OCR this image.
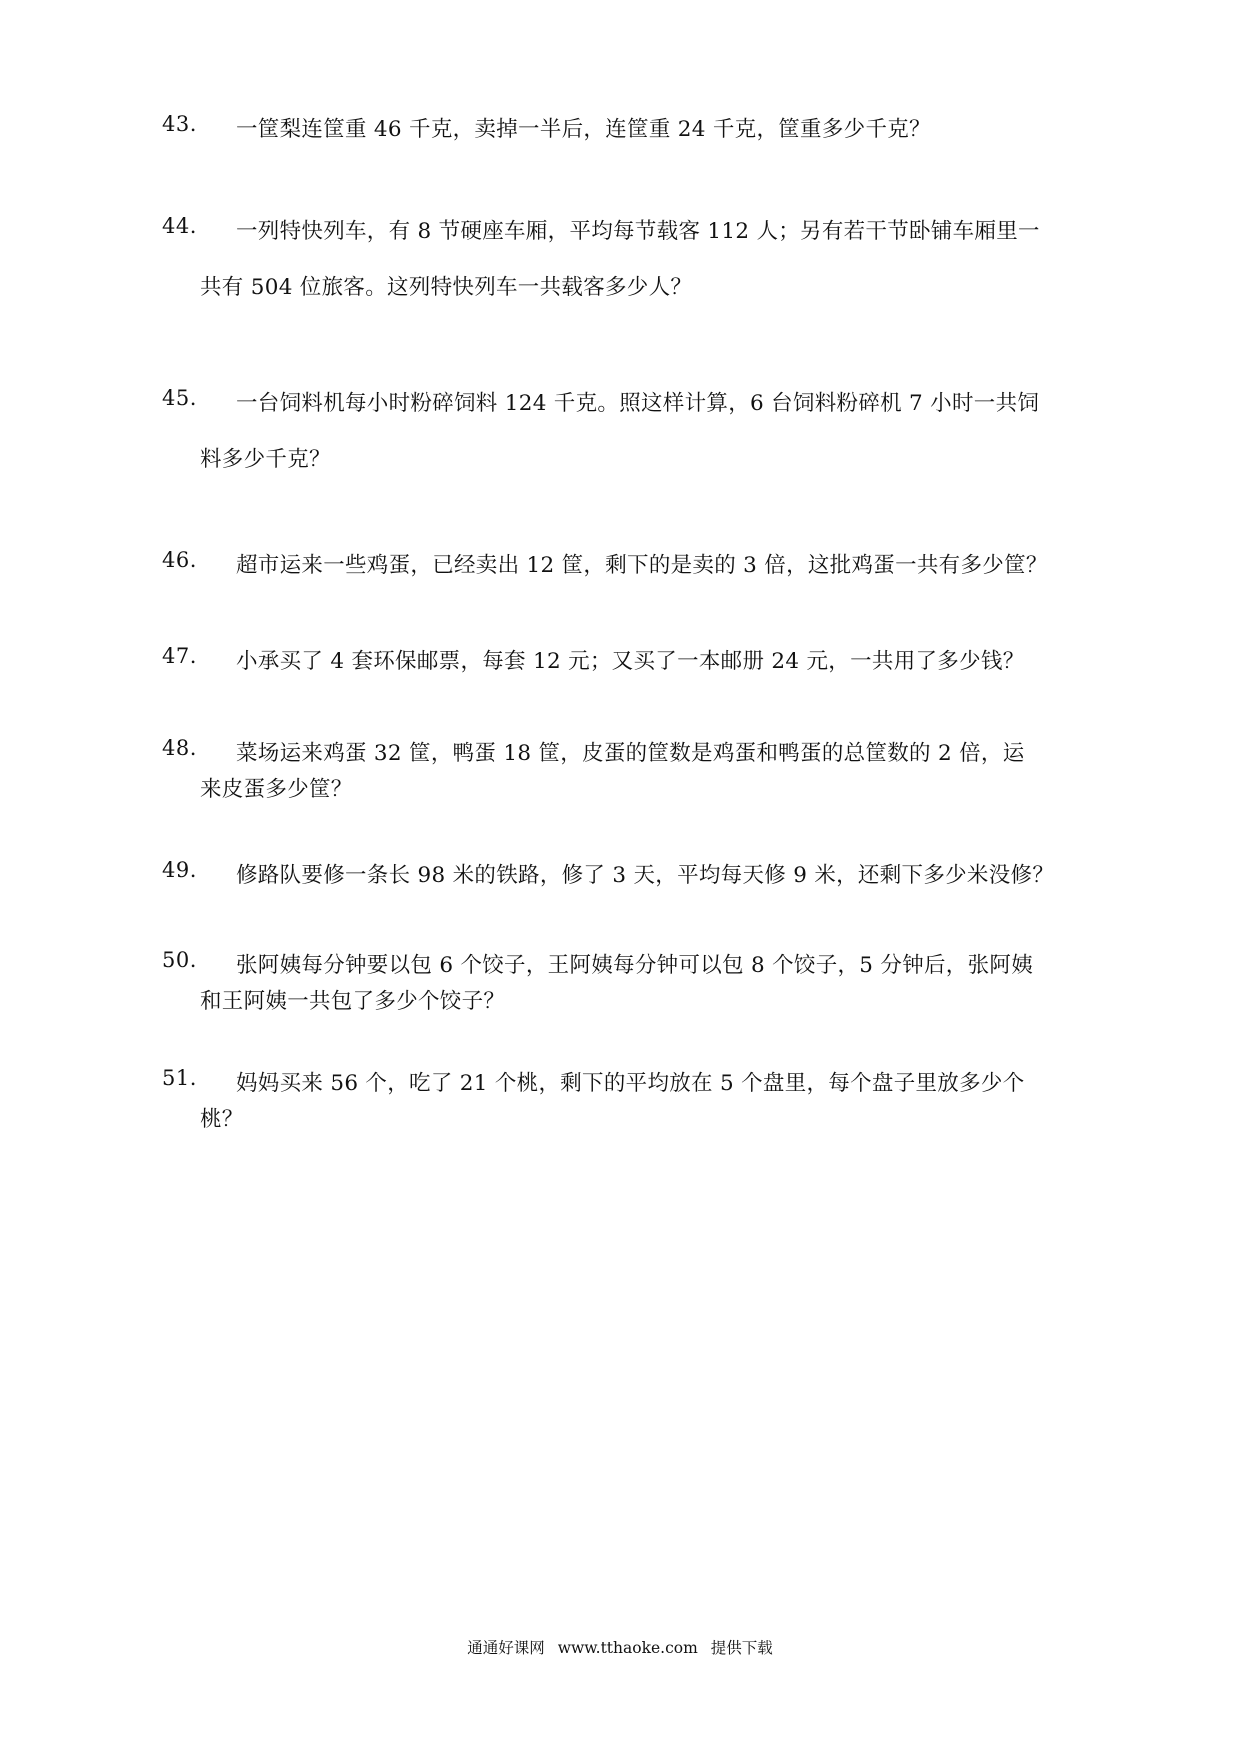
43. 一筐梨连筐重 46 千克，卖掉一半后，连筐重 24 千克，筐重多少千克？
44. 一列特快列车，有 8 节硬座车厢，平均每节载客 112 人；另有若干节卧铺车厢里一
共有 504 位旅客。这列特快列车一共载客多少人？
45. 一台饲料机每小时粉碎饲料 124 千克。照这样计算，6 台饲料粉碎机 7 小时一共饲
料多少千克？
46. 超市运来一些鸡蛋，已经卖出 12 筐，剩下的是卖的 3 倍，这批鸡蛋一共有多少筐？
47. 小承买了 4 套环保邮票，每套 12 元；又买了一本邮册 24 元，一共用了多少钱？
48. 菜场运来鸡蛋 32 筐，鸭蛋 18 筐，皮蛋的筐数是鸡蛋和鸭蛋的总筐数的 2 倍，运
来皮蛋多少筐？
49. 修路队要修一条长 98 米的铁路，修了 3 天，平均每天修 9 米，还剩下多少米没修？
50. 张阿姨每分钟要以包 6 个饺子，王阿姨每分钟可以包 8 个饺子，5 分钟后，张阿姨
和王阿姨一共包了多少个饺子？
51. 妈妈买来 56 个，吃了 21 个桃，剩下的平均放在 5 个盘里，每个盘子里放多少个
桃？
通通好课网 www.tthaoke.com 提供下载
